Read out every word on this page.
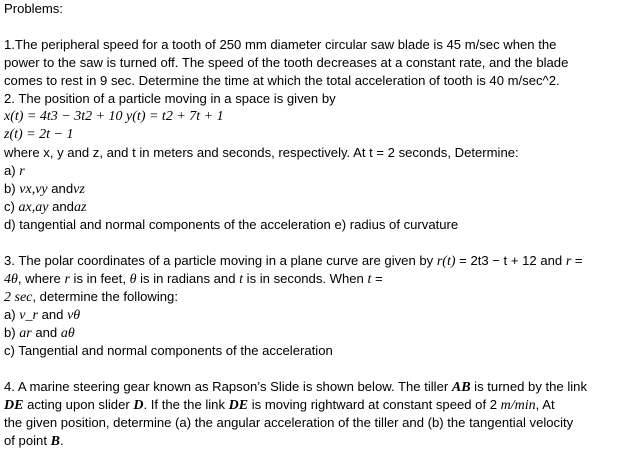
Problems:
1.The peripheral speed for a tooth of 250 mm diameter circular saw blade is 45 m/sec when the
power to the saw is turned off. The speed of the tooth decreases at a constant rate, and the blade
comes to rest in 9 sec. Determine the time at which the total acceleration of tooth is 40 m/sec^2.
2. The position of a particle moving in a space is given by
x(t) = 4t3 − 3t2 + 10 y(t) = t2 + 7t + 1
z(t) = 2t − 1
where x, y and z, and t in meters and seconds, respectively. At t = 2 seconds, Determine:
a) r⃗
b) vx,vy andvz
c) ax,ay andaz
d) tangential and normal components of the acceleration e) radius of curvature
3. The polar coordinates of a particle moving in a plane curve are given by r(t) = 2t3 − t + 12 and r =
4θ, where r is in feet, θ is in radians and t is in seconds. When t =
2 sec, determine the following:
a) v_r and vθ
b) ar and aθ
c) Tangential and normal components of the acceleration
4. A marine steering gear known as Rapson’s Slide is shown below. The tiller AB is turned by the link
DE acting upon slider D. If the the link DE is moving rightward at constant speed of 2 m/min, At
the given position, determine (a) the angular acceleration of the tiller and (b) the tangential velocity
of point B.
